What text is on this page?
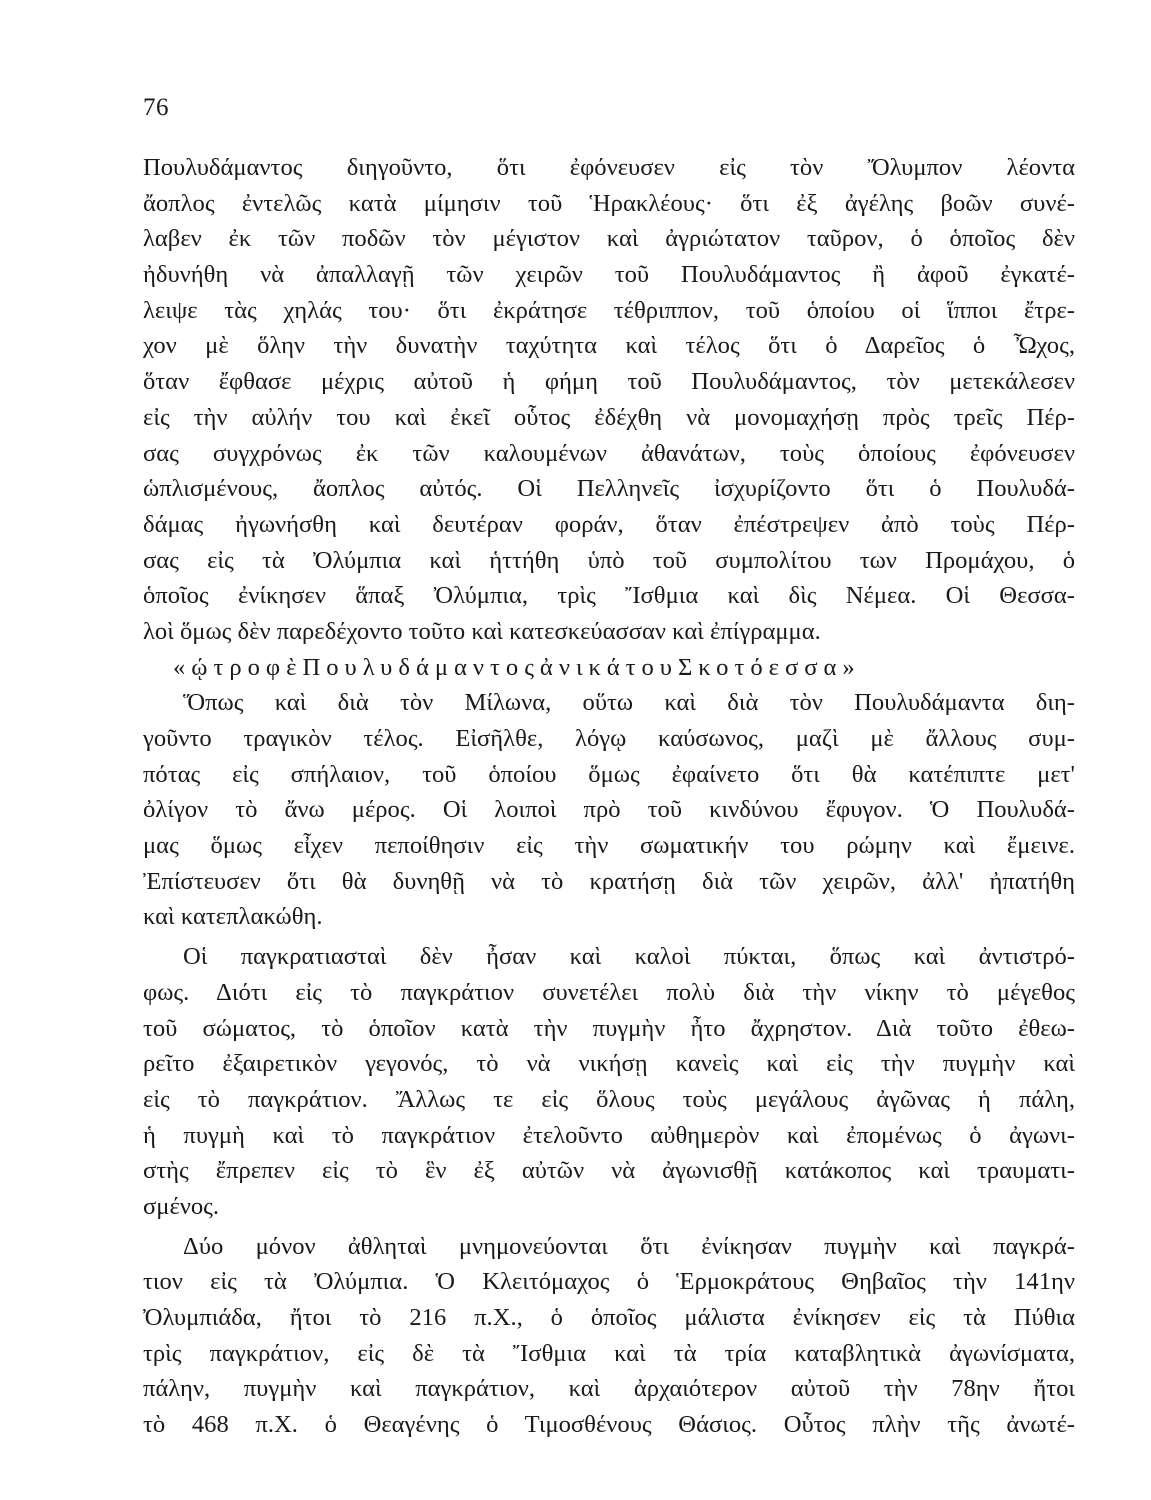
76
Πουλυδάμαντος διηγοῦντο, ὅτι ἐφόνευσεν εἰς τὸν Ὄλυμπον λέοντα
ἄοπλος ἐντελῶς κατὰ μίμησιν τοῦ Ἡρακλέους· ὅτι ἐξ ἀγέλης βοῶν συνέ-
λαβεν ἐκ τῶν ποδῶν τὸν μέγιστον καὶ ἀγριώτατον ταῦρον, ὁ ὁποῖος δὲν
ἠδυνήθη νὰ ἀπαλλαγῇ τῶν χειρῶν τοῦ Πουλυδάμαντος ἢ ἀφοῦ ἐγκατέ-
λειψε τὰς χηλάς του· ὅτι ἐκράτησε τέθριππον, τοῦ ὁποίου οἱ ἵπποι ἔτρε-
χον μὲ ὅλην τὴν δυνατὴν ταχύτητα καὶ τέλος ὅτι ὁ Δαρεῖος ὁ Ὦχος,
ὅταν ἔφθασε μέχρις αὐτοῦ ἡ φήμη τοῦ Πουλυδάμαντος, τὸν μετεκάλεσεν
εἰς τὴν αὐλήν του καὶ ἐκεῖ οὗτος ἐδέχθη νὰ μονομαχήσῃ πρὸς τρεῖς Πέρ-
σας συγχρόνως ἐκ τῶν καλουμένων ἀθανάτων, τοὺς ὁποίους ἐφόνευσεν
ὡπλισμένους, ἄοπλος αὐτός. Οἱ Πελληνεῖς ἰσχυρίζοντο ὅτι ὁ Πουλυδά-
δάμας ἠγωνήσθη καὶ δευτέραν φοράν, ὅταν ἐπέστρεψεν ἀπὸ τοὺς Πέρ-
σας εἰς τὰ Ὀλύμπια καὶ ἡττήθη ὑπὸ τοῦ συμπολίτου των Προμάχου, ὁ
ὁποῖος ἐνίκησεν ἅπαξ Ὀλύμπια, τρὶς Ἴσθμια καὶ δὶς Νέμεα. Οἱ Θεσσα-
λοὶ ὅμως δὲν παρεδέχοντο τοῦτο καὶ κατεσκεύασσαν καὶ ἐπίγραμμα.
«ῴτροφὲΠουλυδάμαντοςἀνικάτουΣκοτόεσσα»
Ὅπως καὶ διὰ τὸν Μίλωνα, οὕτω καὶ διὰ τὸν Πουλυδάμαντα διη-
γοῦντο τραγικὸν τέλος. Εἰσῆλθε, λόγῳ καύσωνος, μαζὶ μὲ ἄλλους συμ-
πότας εἰς σπήλαιον, τοῦ ὁποίου ὅμως ἐφαίνετο ὅτι θὰ κατέπιπτε μετ'
ὀλίγον τὸ ἄνω μέρος. Οἱ λοιποὶ πρὸ τοῦ κινδύνου ἔφυγον. Ὁ Πουλυδά-
μας ὅμως εἶχεν πεποίθησιν εἰς τὴν σωματικήν του ρώμην καὶ ἔμεινε.
Ἐπίστευσεν ὅτι θὰ δυνηθῇ νὰ τὸ κρατήσῃ διὰ τῶν χειρῶν, ἀλλ' ἠπατήθη
καὶ κατεπλακώθη.
Οἱ παγκρατιασταὶ δὲν ἦσαν καὶ καλοὶ πύκται, ὅπως καὶ ἀντιστρό-
φως. Διότι εἰς τὸ παγκράτιον συνετέλει πολὺ διὰ τὴν νίκην τὸ μέγεθος
τοῦ σώματος, τὸ ὁποῖον κατὰ τὴν πυγμὴν ἦτο ἄχρηστον. Διὰ τοῦτο ἐθεω-
ρεῖτο ἐξαιρετικὸν γεγονός, τὸ νὰ νικήσῃ κανεὶς καὶ εἰς τὴν πυγμὴν καὶ
εἰς τὸ παγκράτιον. Ἄλλως τε εἰς ὅλους τοὺς μεγάλους ἀγῶνας ἡ πάλη,
ἡ πυγμὴ καὶ τὸ παγκράτιον ἐτελοῦντο αὐθημερὸν καὶ ἐπομένως ὁ ἀγωνι-
στὴς ἔπρεπεν εἰς τὸ ἓν ἐξ αὐτῶν νὰ ἀγωνισθῇ κατάκοπος καὶ τραυματι-
σμένος.
Δύο μόνον ἀθληταὶ μνημονεύονται ὅτι ἐνίκησαν πυγμὴν καὶ παγκρά-
τιον εἰς τὰ Ὀλύμπια. Ὁ Κλειτόμαχος ὁ Ἑρμοκράτους Θηβαῖος τὴν 141ην
Ὀλυμπιάδα, ἤτοι τὸ 216 π.Χ., ὁ ὁποῖος μάλιστα ἐνίκησεν εἰς τὰ Πύθια
τρὶς παγκράτιον, εἰς δὲ τὰ Ἴσθμια καὶ τὰ τρία καταβλητικὰ ἀγωνίσματα,
πάλην, πυγμὴν καὶ παγκράτιον, καὶ ἀρχαιότερον αὐτοῦ τὴν 78ην ἤτοι
τὸ 468 π.Χ. ὁ Θεαγένης ὁ Τιμοσθένους Θάσιος. Οὗτος πλὴν τῆς ἀνωτέ-
